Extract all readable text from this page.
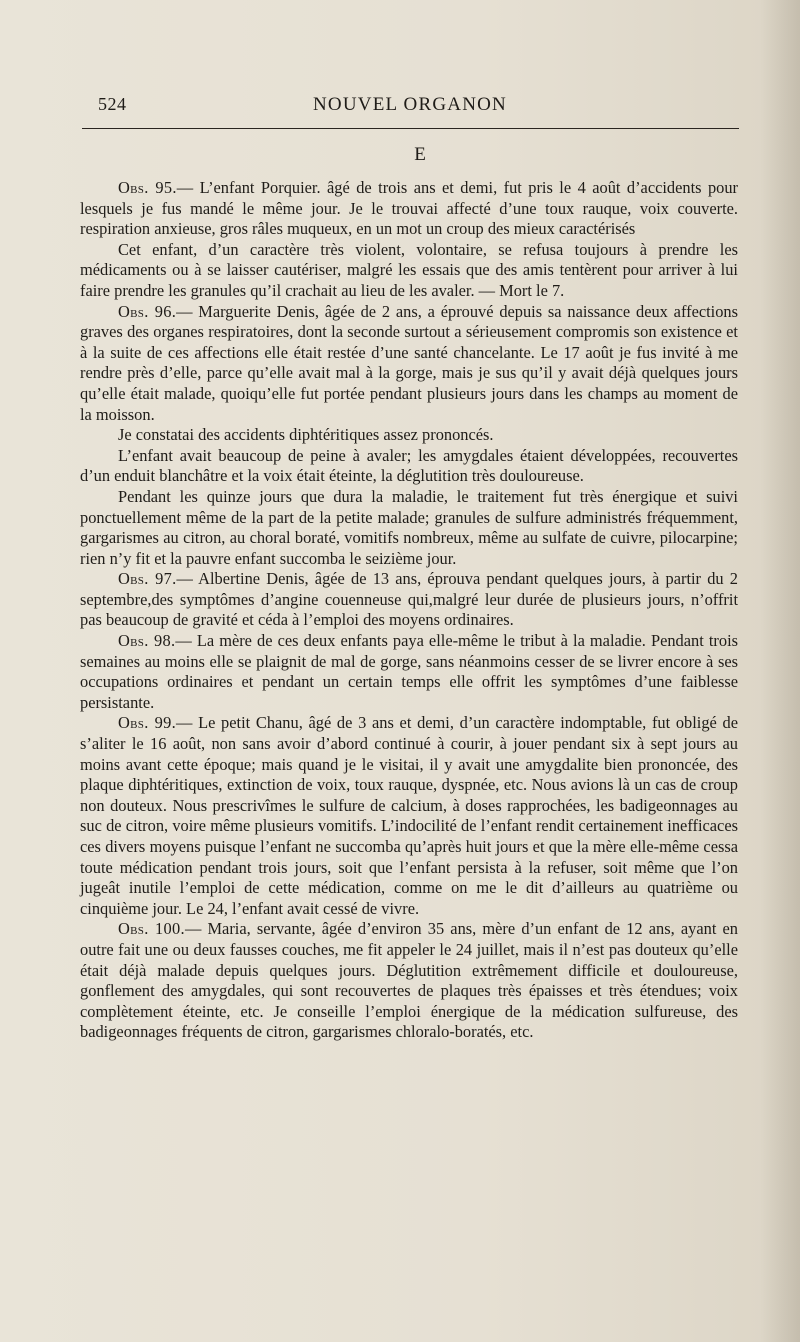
524	NOUVEL ORGANON
E

Obs. 95.— L’enfant Porquier. âgé de trois ans et demi, fut pris le 4 août d’accidents pour lesquels je fus mandé le même jour. Je le trouvai affecté d’une toux rauque, voix couverte. respiration anxieuse, gros râles muqueux, en un mot un croup des mieux caractérisés

Cet enfant, d’un caractère très violent, volontaire, se refusa toujours à prendre les médicaments ou à se laisser cautériser, malgré les essais que des amis tentèrent pour arriver à lui faire prendre les granules qu’il crachait au lieu de les avaler. — Mort le 7.

Obs. 96.— Marguerite Denis, âgée de 2 ans, a éprouvé depuis sa naissance deux affections graves des organes respiratoires, dont la seconde surtout a sérieusement compromis son existence et à la suite de ces affections elle était restée d’une santé chancelante. Le 17 août je fus invité à me rendre près d’elle, parce qu’elle avait mal à la gorge, mais je sus qu’il y avait déjà quelques jours qu’elle était malade, quoiqu’elle fut portée pendant plusieurs jours dans les champs au moment de la moisson.

Je constatai des accidents diphtéritiques assez prononcés.

L’enfant avait beaucoup de peine à avaler; les amygdales étaient développées, recouvertes d’un enduit blanchâtre et la voix était éteinte, la déglutition très douloureuse.

Pendant les quinze jours que dura la maladie, le traitement fut très énergique et suivi ponctuellement même de la part de la petite malade; granules de sulfure administrés fréquemment, gargarismes au citron, au choral boraté, vomitifs nombreux, même au sulfate de cuivre, pilocarpine; rien n’y fit et la pauvre enfant succomba le seizième jour.

Obs. 97.— Albertine Denis, âgée de 13 ans, éprouva pendant quelques jours, à partir du 2 septembre,des symptômes d’angine couenneuse qui,malgré leur durée de plusieurs jours, n’offrit pas beaucoup de gravité et céda à l’emploi des moyens ordinaires.

Obs. 98.— La mère de ces deux enfants paya elle-même le tribut à la maladie. Pendant trois semaines au moins elle se plaignit de mal de gorge, sans néanmoins cesser de se livrer encore à ses occupations ordinaires et pendant un certain temps elle offrit les symptômes d’une faiblesse persistante.

Obs. 99.— Le petit Chanu, âgé de 3 ans et demi, d’un caractère indomptable, fut obligé de s’aliter le 16 août, non sans avoir d’abord continué à courir, à jouer pendant six à sept jours au moins avant cette époque; mais quand je le visitai, il y avait une amygdalite bien prononcée, des plaque diphtéritiques, extinction de voix, toux rauque, dyspnée, etc. Nous avions là un cas de croup non douteux. Nous prescrivîmes le sulfure de calcium, à doses rapprochées, les badigeonnages au suc de citron, voire même plusieurs vomitifs. L’indocilité de l’enfant rendit certainement inefficaces ces divers moyens puisque l’enfant ne succomba qu’après huit jours et que la mère elle-même cessa toute médication pendant trois jours, soit que l’enfant persista à la refuser, soit même que l’on jugeât inutile l’emploi de cette médication, comme on me le dit d’ailleurs au quatrième ou cinquième jour. Le 24, l’enfant avait cessé de vivre.

Obs. 100.— Maria, servante, âgée d’environ 35 ans, mère d’un enfant de 12 ans, ayant en outre fait une ou deux fausses couches, me fit appeler le 24 juillet, mais il n’est pas douteux qu’elle était déjà malade depuis quelques jours. Déglutition extrêmement difficile et douloureuse, gonflement des amygdales, qui sont recouvertes de plaques très épaisses et très étendues; voix complètement éteinte, etc. Je conseille l’emploi énergique de la médication sulfureuse, des badigeonnages fréquents de citron, gargarismes chloralo-boratés, etc.
